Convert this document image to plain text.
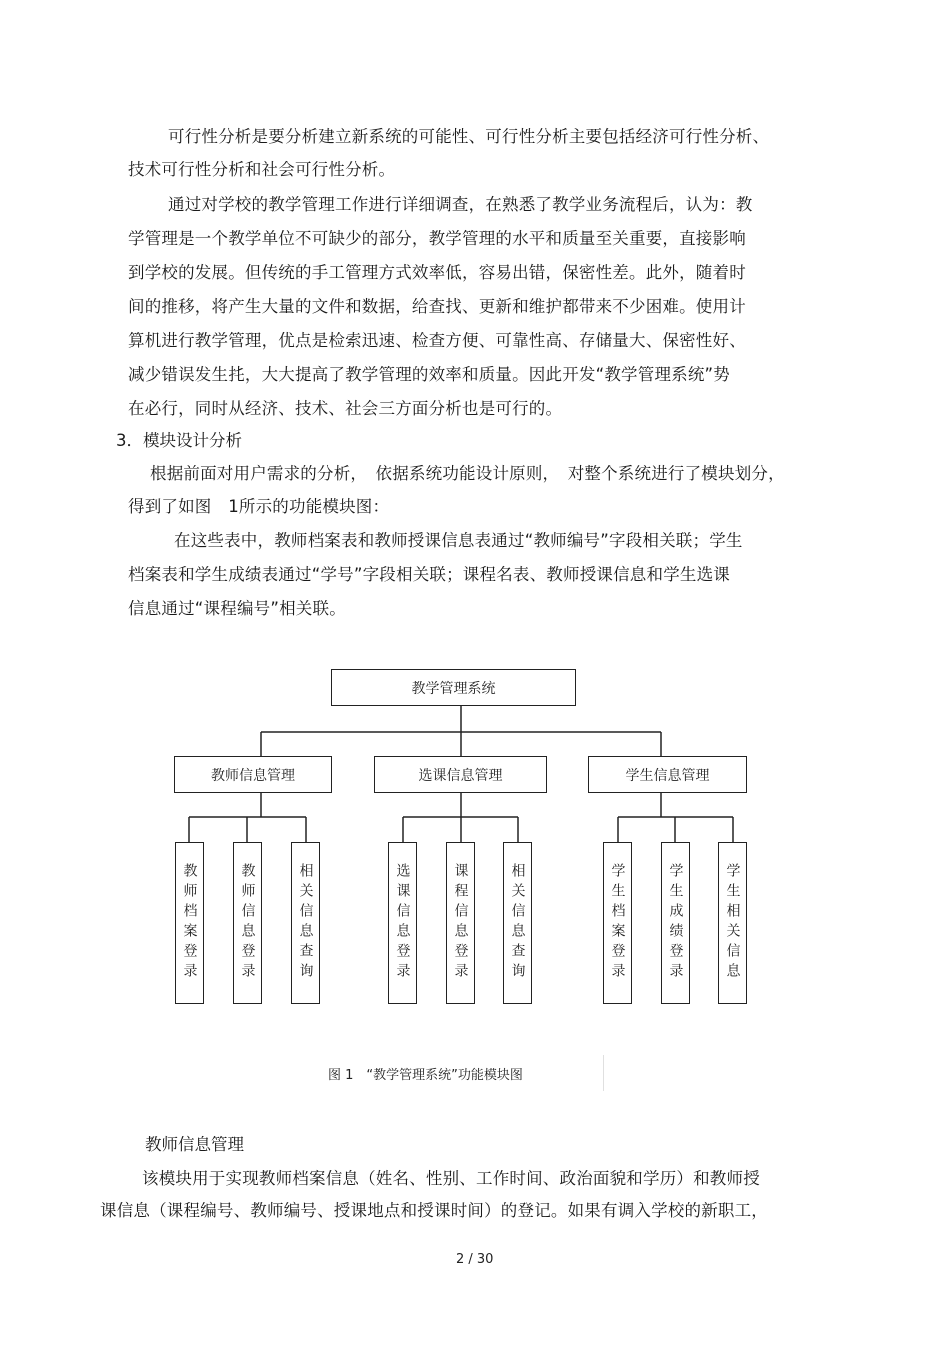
可行性分析是要分析建立新系统的可能性、可行性分析主要包括经济可行性分析、
技术可行性分析和社会可行性分析。
通过对学校的教学管理工作进行详细调查，在熟悉了教学业务流程后，认为：教
学管理是一个教学单位不可缺少的部分，教学管理的水平和质量至关重要，直接影响
到学校的发展。但传统的手工管理方式效率低，容易出错，保密性差。此外，随着时
间的推移，将产生大量的文件和数据，给查找、更新和维护都带来不少困难。使用计
算机进行教学管理，优点是检索迅速、检查方便、可靠性高、存储量大、保密性好、
减少错误发生扥，大大提高了教学管理的效率和质量。因此开发“教学管理系统”势
在必行，同时从经济、技术、社会三方面分析也是可行的。
3．模块设计分析
根据前面对用户需求的分析，　依据系统功能设计原则，　对整个系统进行了模块划分，
得到了如图　1所示的功能模块图：
在这些表中，教师档案表和教师授课信息表通过“教师编号”字段相关联；学生
档案表和学生成绩表通过“学号”字段相关联；课程名表、教师授课信息和学生选课
信息通过“课程编号”相关联。
教学管理系统
教师信息管理	选课信息管理	学生信息管理
教师档案登录	教师信息登录	相关信息查询	选课信息登录	课程信息登录	相关信息查询	学生档案登录	学生成绩登录	学生相关信息
图 1　“教学管理系统”功能模块图
教师信息管理
该模块用于实现教师档案信息（姓名、性别、工作时间、政治面貌和学历）和教师授
课信息（课程编号、教师编号、授课地点和授课时间）的登记。如果有调入学校的新职工，
2 / 30
